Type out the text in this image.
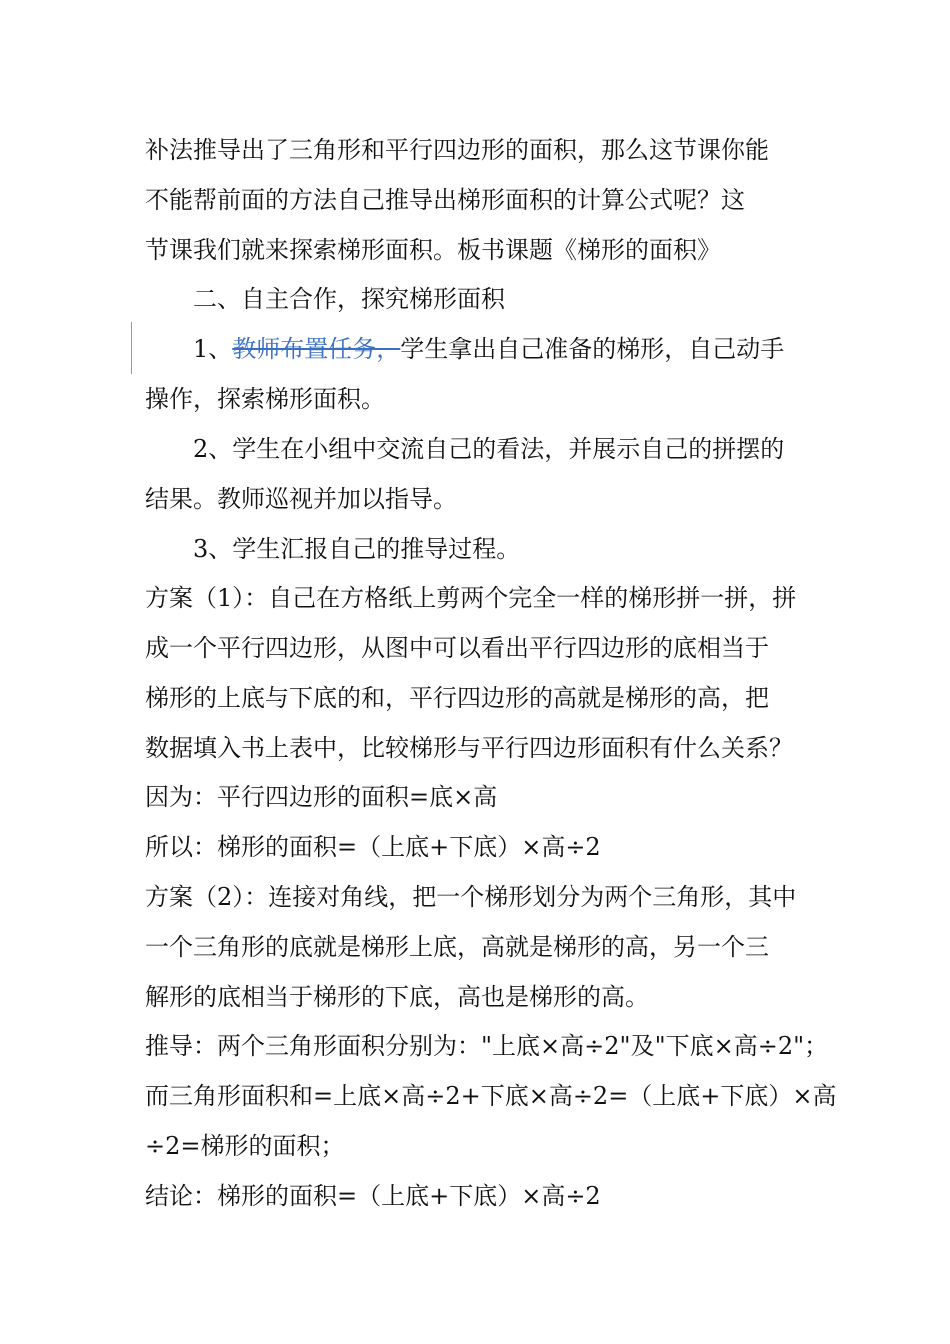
补法推导出了三角形和平行四边形的面积，那么这节课你能
不能帮前面的方法自己推导出梯形面积的计算公式呢？这
节课我们就来探索梯形面积。板书课题《梯形的面积》
二、自主合作，探究梯形面积
1、教师布置任务，学生拿出自己准备的梯形，自己动手
操作，探索梯形面积。
2、学生在小组中交流自己的看法，并展示自己的拼摆的
结果。教师巡视并加以指导。
3、学生汇报自己的推导过程。
方案（1）：自己在方格纸上剪两个完全一样的梯形拼一拼，拼
成一个平行四边形，从图中可以看出平行四边形的底相当于
梯形的上底与下底的和，平行四边形的高就是梯形的高，把
数据填入书上表中，比较梯形与平行四边形面积有什么关系？
因为：平行四边形的面积=底×高
所以：梯形的面积=（上底+下底）×高÷2
方案（2）：连接对角线，把一个梯形划分为两个三角形，其中
一个三角形的底就是梯形上底，高就是梯形的高，另一个三
解形的底相当于梯形的下底，高也是梯形的高。
推导：两个三角形面积分别为："上底×高÷2"及"下底×高÷2"；
而三角形面积和=上底×高÷2+下底×高÷2=（上底+下底）×高
÷2=梯形的面积；
结论：梯形的面积=（上底+下底）×高÷2
